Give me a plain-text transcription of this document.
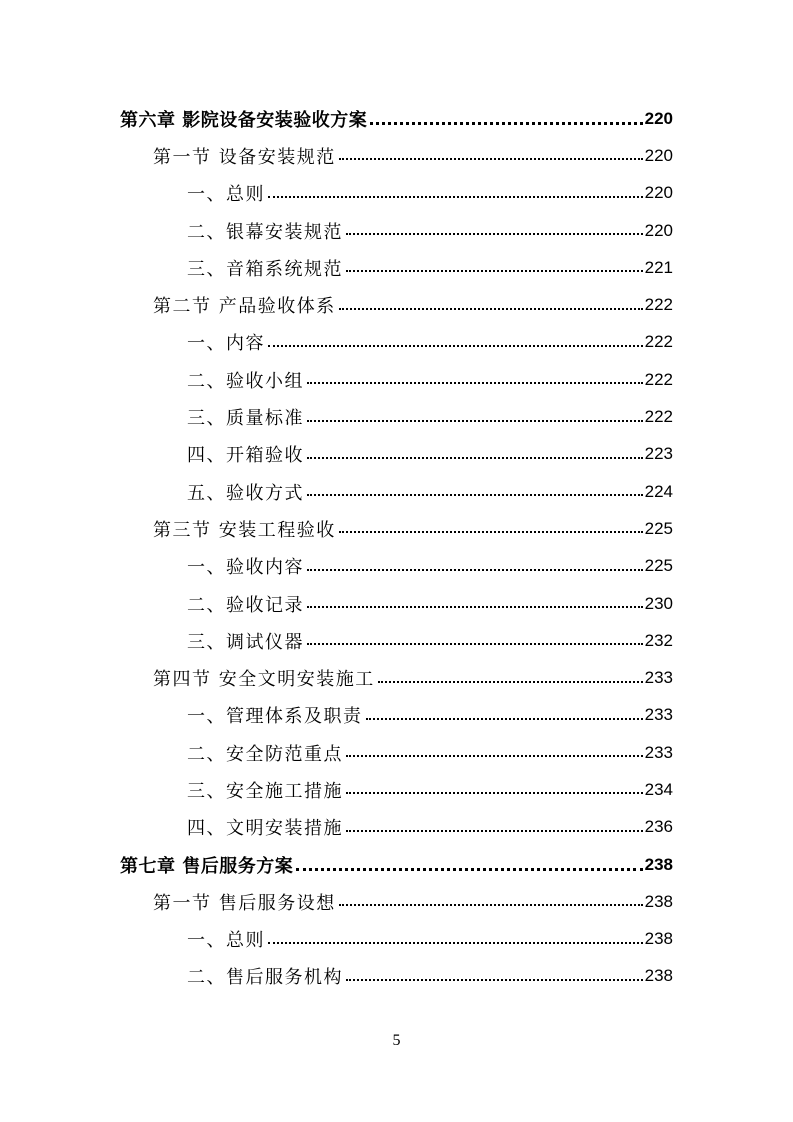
第六章 影院设备安装验收方案	220
第一节 设备安装规范	220
一、总则	220
二、银幕安装规范	220
三、音箱系统规范	221
第二节 产品验收体系	222
一、内容	222
二、验收小组	222
三、质量标准	222
四、开箱验收	223
五、验收方式	224
第三节 安装工程验收	225
一、验收内容	225
二、验收记录	230
三、调试仪器	232
第四节 安全文明安装施工	233
一、管理体系及职责	233
二、安全防范重点	233
三、安全施工措施	234
四、文明安装措施	236
第七章 售后服务方案	238
第一节 售后服务设想	238
一、总则	238
二、售后服务机构	238
5
